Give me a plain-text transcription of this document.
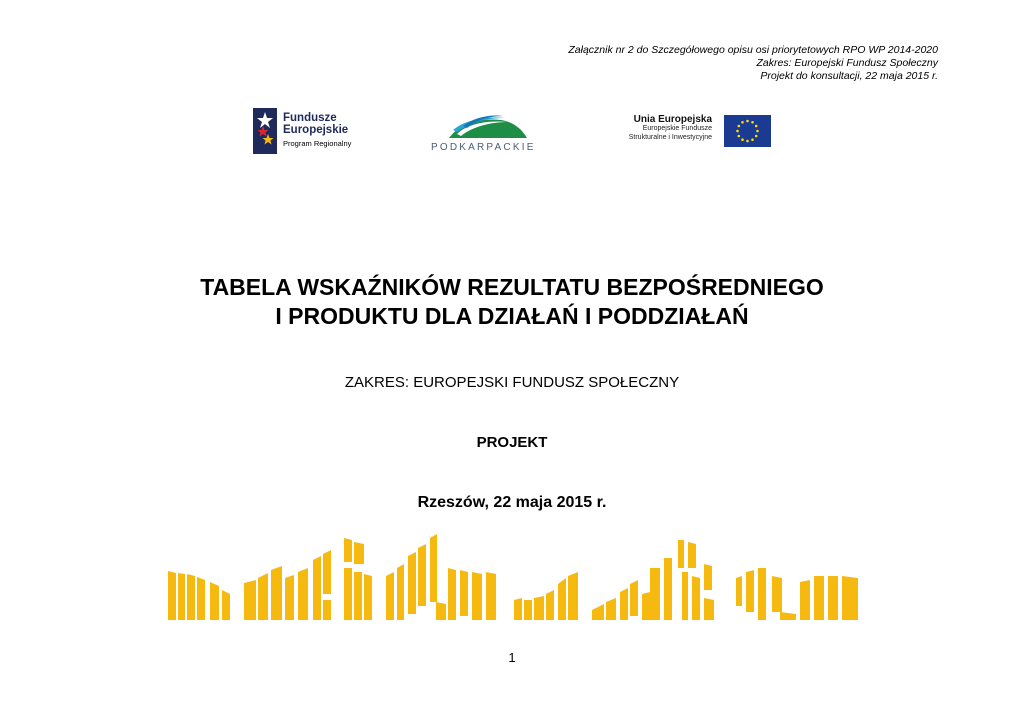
Załącznik nr 2 do Szczegółowego opisu osi priorytetowych RPO WP 2014-2020
Zakres: Europejski Fundusz Społeczny
Projekt do konsultacji, 22 maja 2015 r.
Fundusze
Europejskie
Program Regionalny	PODKARPACKIE
Unia Europejska
Europejskie Fundusze
Strukturalne i Inwestycyjne
TABELA WSKAŹNIKÓW REZULTATU BEZPOŚREDNIEGO
I PRODUKTU DLA DZIAŁAŃ I PODDZIAŁAŃ
ZAKRES: EUROPEJSKI FUNDUSZ SPOŁECZNY
PROJEKT
Rzeszów, 22 maja 2015 r.
1
